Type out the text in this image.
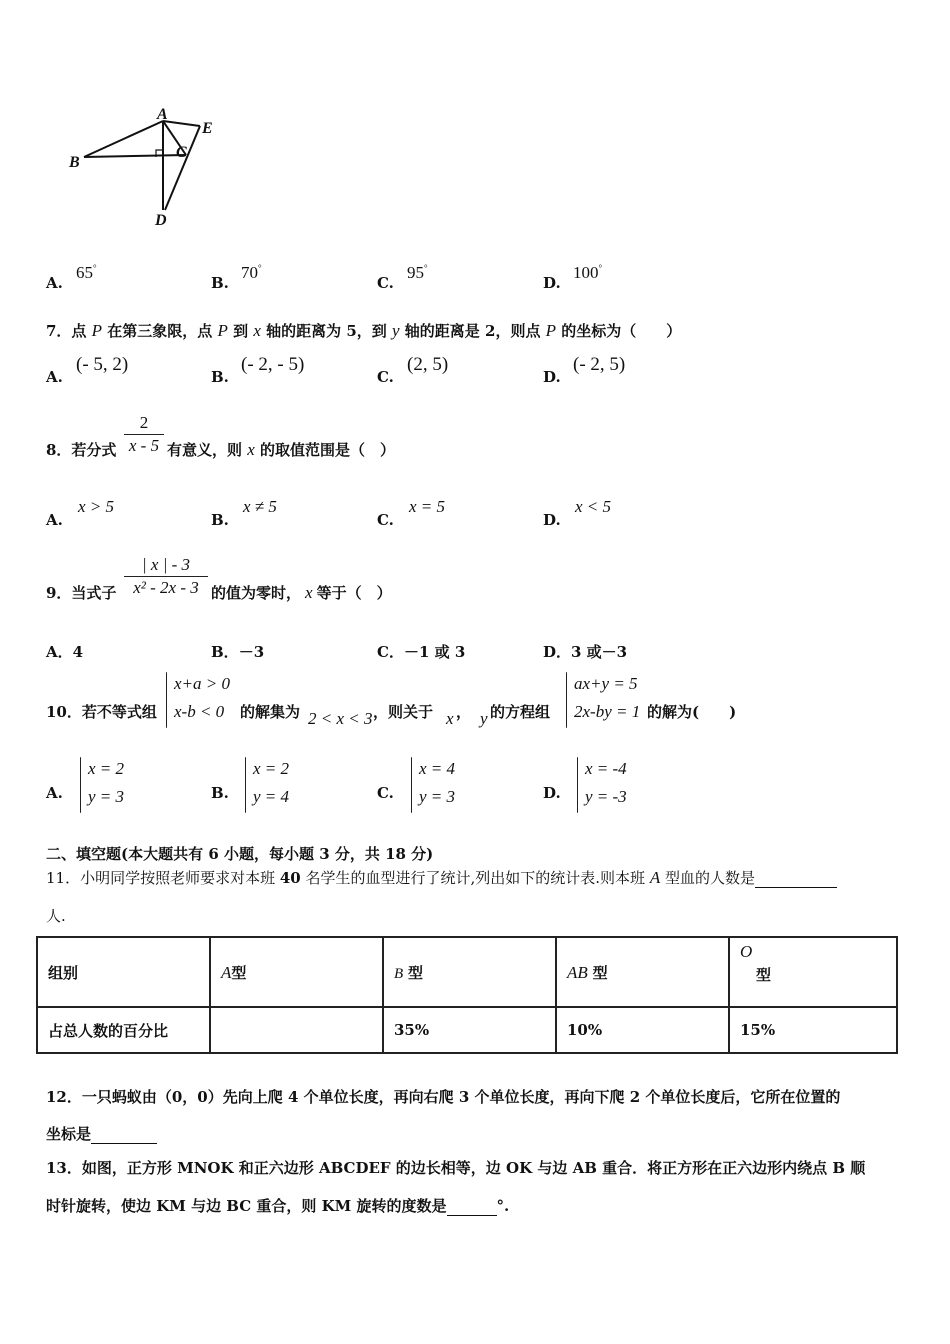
A
E
B
C
D
A.
65°
B.
70°
C.
95°
D.
100°
7．点 P 在第三象限，点 P 到 x 轴的距离为 5，到 y 轴的距离是 2，则点 P 的坐标为（　　）
A.
(- 5, 2)
B.
(- 2, - 5)
C.
(2, 5)
D.
(- 2, 5)
8．若分式
2
x - 5 有意义，则 x 的取值范围是（　）
A.
x > 5
B.
x ≠ 5
C.
x = 5
D.
x < 5
9．当式子
| x | - 3
x² - 2x - 3 的值为零时， x 等于（　）
A．4	B．－3	C．－1 或 3	D．3 或－3
10．若不等式组
x+a > 0
x-b < 0 的解集为 2 < x < 3 ，则关于 x ， y 的方程组
ax+y = 5
2x-by = 1 的解为(　　)
A.
x = 2
y = 3	B.
x = 2
y = 4	C.
x = 4
y = 3	D.
x = -4
y = -3
二、填空题(本大题共有 6 小题，每小题 3 分，共 18 分)
11．小明同学按照老师要求对本班 40 名学生的血型进行了统计,列出如下的统计表.则本班 A 型血的人数是
人.
组别	A型	B 型	AB 型	O
型
占总人数的百分比		35%	10%	15%
12．一只蚂蚁由（0，0）先向上爬 4 个单位长度，再向右爬 3 个单位长度，再向下爬 2 个单位长度后，它所在位置的
坐标是
13．如图，正方形 MNOK 和正六边形 ABCDEF 的边长相等，边 OK 与边 AB 重合．将正方形在正六边形内绕点 B 顺
时针旋转，使边 KM 与边 BC 重合，则 KM 旋转的度数是	°.
